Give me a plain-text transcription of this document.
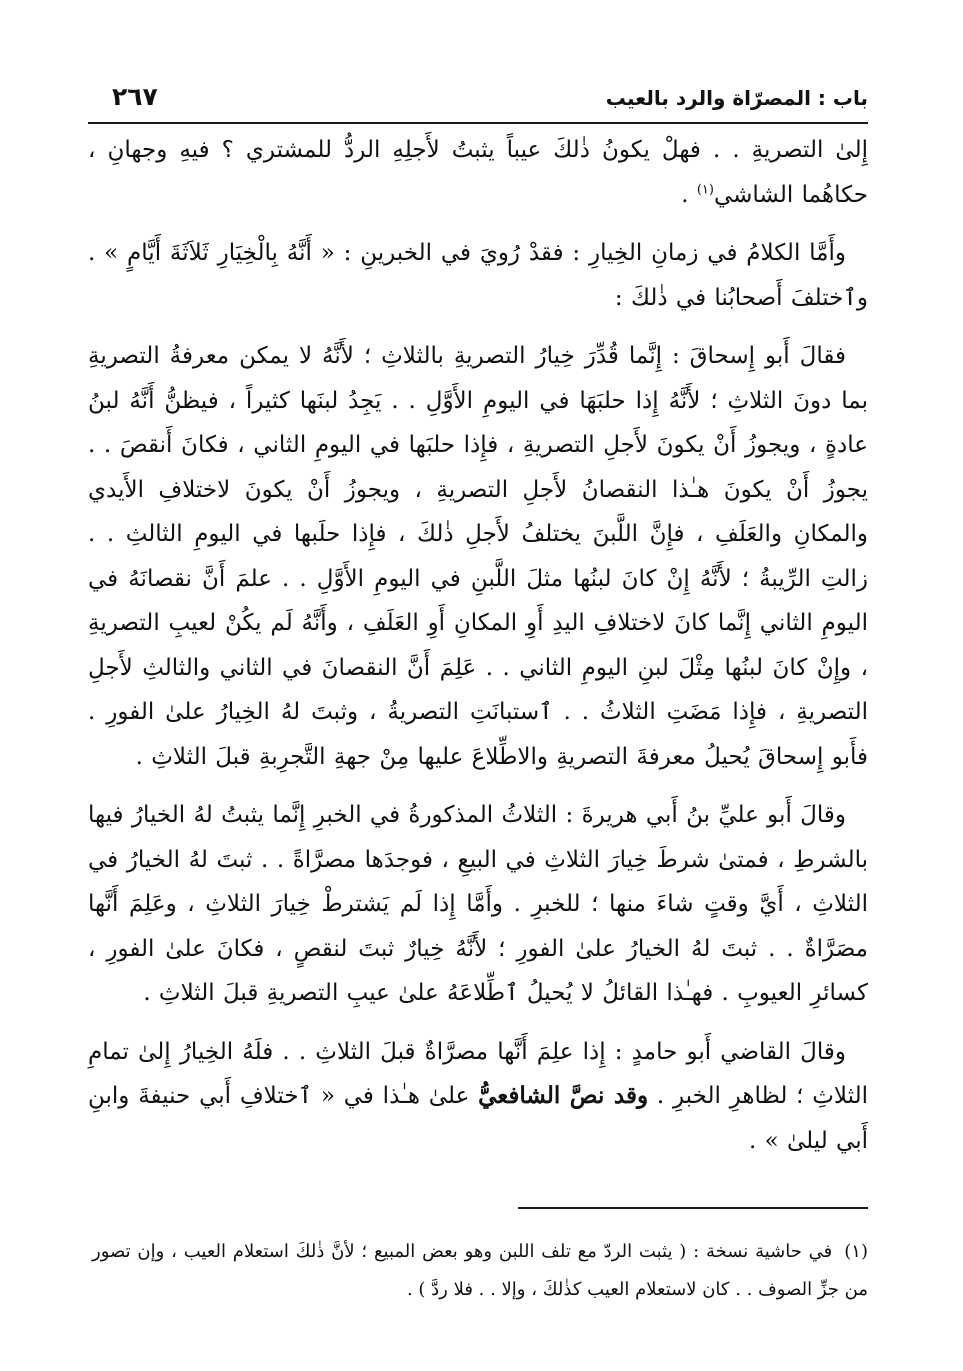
باب : المصرّاة والرد بالعيب
٢٦٧

إِلىٰ التصريةِ . . فهلْ يكونُ ذٰلكَ عيباً يثبتُ لأَجلِهِ الردُّ للمشتري ؟ فيهِ وجهانِ ، حكاهُما الشاشي$^{(١)}$ .

وأَمَّا الكلامُ في زمانِ الخِيارِ : فقدْ رُويَ في الخبرينِ : « أَنَّهُ بِالْخِيَارِ ثَلاَثَةَ أَيَّامٍ » . وٱختلفَ أَصحابُنا في ذٰلكَ :

فقالَ أَبو إِسحاقَ : إِنَّما قُدِّرَ خِيارُ التصريةِ بالثلاثِ ؛ لأَنَّهُ لا يمكن معرفةُ التصريةِ بما دونَ الثلاثِ ؛ لأَنَّهُ إِذا حلبَهَا في اليومِ الأَوَّلِ . . يَجِدُ لبنَها كثيراً ، فيظنُّ أَنَّهُ لبنُ عادةٍ ، ويجوزُ أَنْ يكونَ لأَجلِ التصريةِ ، فإِذا حلبَها في اليومِ الثاني ، فكانَ أَنقصَ . . يجوزُ أَنْ يكونَ هـٰذا النقصانُ لأَجلِ التصريةِ ، ويجوزُ أَنْ يكونَ لاختلافِ الأَيدي والمكانِ والعَلَفِ ، فإِنَّ اللَّبنَ يختلفُ لأَجلِ ذٰلكَ ، فإِذا حلَبها في اليومِ الثالثِ . . زالتِ الرِّيبةُ ؛ لأَنَّهُ إِنْ كانَ لبنُها مثلَ اللَّبنِ في اليومِ الأَوَّلِ . . علمَ أَنَّ نقصانَهُ في اليومِ الثاني إِنَّما كانَ لاختلافِ اليدِ أَوِ المكانِ أَوِ العَلَفِ ، وأَنَّهُ لَم يكُنْ لعيبِ التصريةِ ، وإِنْ كانَ لبنُها مِثْلَ لبنِ اليومِ الثاني . . عَلِمَ أَنَّ النقصانَ في الثاني والثالثِ لأَجلِ التصريةِ ، فإِذا مَضَتِ الثلاثُ . . ٱستبانَتِ التصريةُ ، وثبتَ لهُ الخِيارُ علىٰ الفورِ . فأَبو إِسحاقَ يُحيلُ معرفةَ التصريةِ والاطِّلاعَ عليها مِنْ جهةِ التَّجرِبةِ قبلَ الثلاثِ .

وقالَ أَبو عليِّ بنُ أَبي هريرةَ : الثلاثُ المذكورةُ في الخبرِ إِنَّما يثبتُ لهُ الخيارُ فيها بالشرطِ ، فمتىٰ شرطَ خِيارَ الثلاثِ في البيعِ ، فوجدَها مصرَّاةً . . ثبتَ لهُ الخيارُ في الثلاثِ ، أَيَّ وقتٍ شاءَ منها ؛ للخبرِ . وأَمَّا إِذا لَم يَشترطْ خِيارَ الثلاثِ ، وعَلِمَ أَنَّها مصَرَّاةٌ . . ثبتَ لهُ الخيارُ علىٰ الفورِ ؛ لأَنَّهُ خِيارٌ ثبتَ لنقصٍ ، فكانَ علىٰ الفورِ ، كسائرِ العيوبِ . فهـٰذا القائلُ لا يُحيلُ ٱطِّلاعَهُ علىٰ عيبِ التصريةِ قبلَ الثلاثِ .

وقالَ القاضي أَبو حامدٍ : إِذا علِمَ أَنَّها مصرَّاةٌ قبلَ الثلاثِ . . فلَهُ الخِيارُ إِلىٰ تمامِ الثلاثِ ؛ لظاهرِ الخبرِ . وقد نصَّ الشافعيُّ علىٰ هـٰذا في « ٱختلافِ أَبي حنيفةَ وابنِ أَبي ليلىٰ » .

(١)في حاشية نسخة : ( يثبت الردّ مع تلف اللبن وهو بعض المبيع ؛ لأنَّ ذٰلكَ استعلام العيب ، وإن تصور من جزِّ الصوف . . كان لاستعلام العيب كذٰلكَ ، وإلا . . فلا ردَّ ) .
